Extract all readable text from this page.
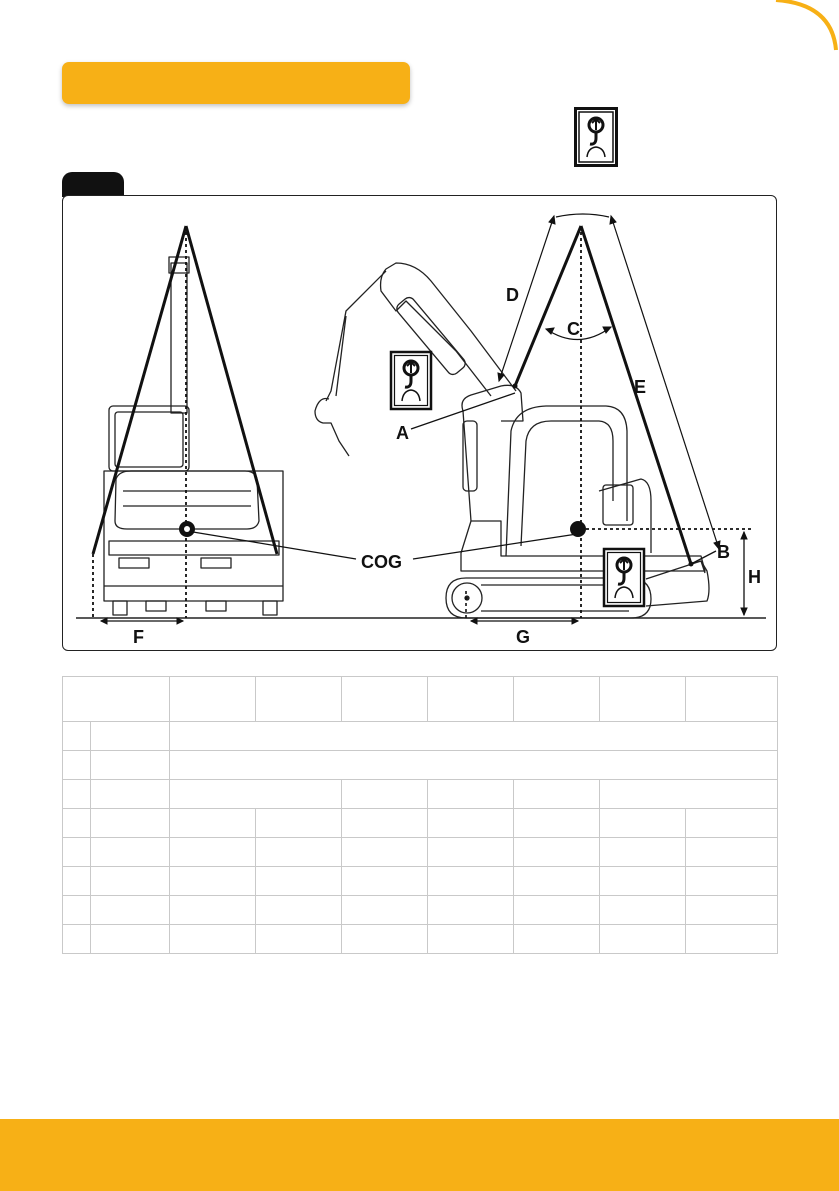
A
B
C
D
E
F	G
H
COG
